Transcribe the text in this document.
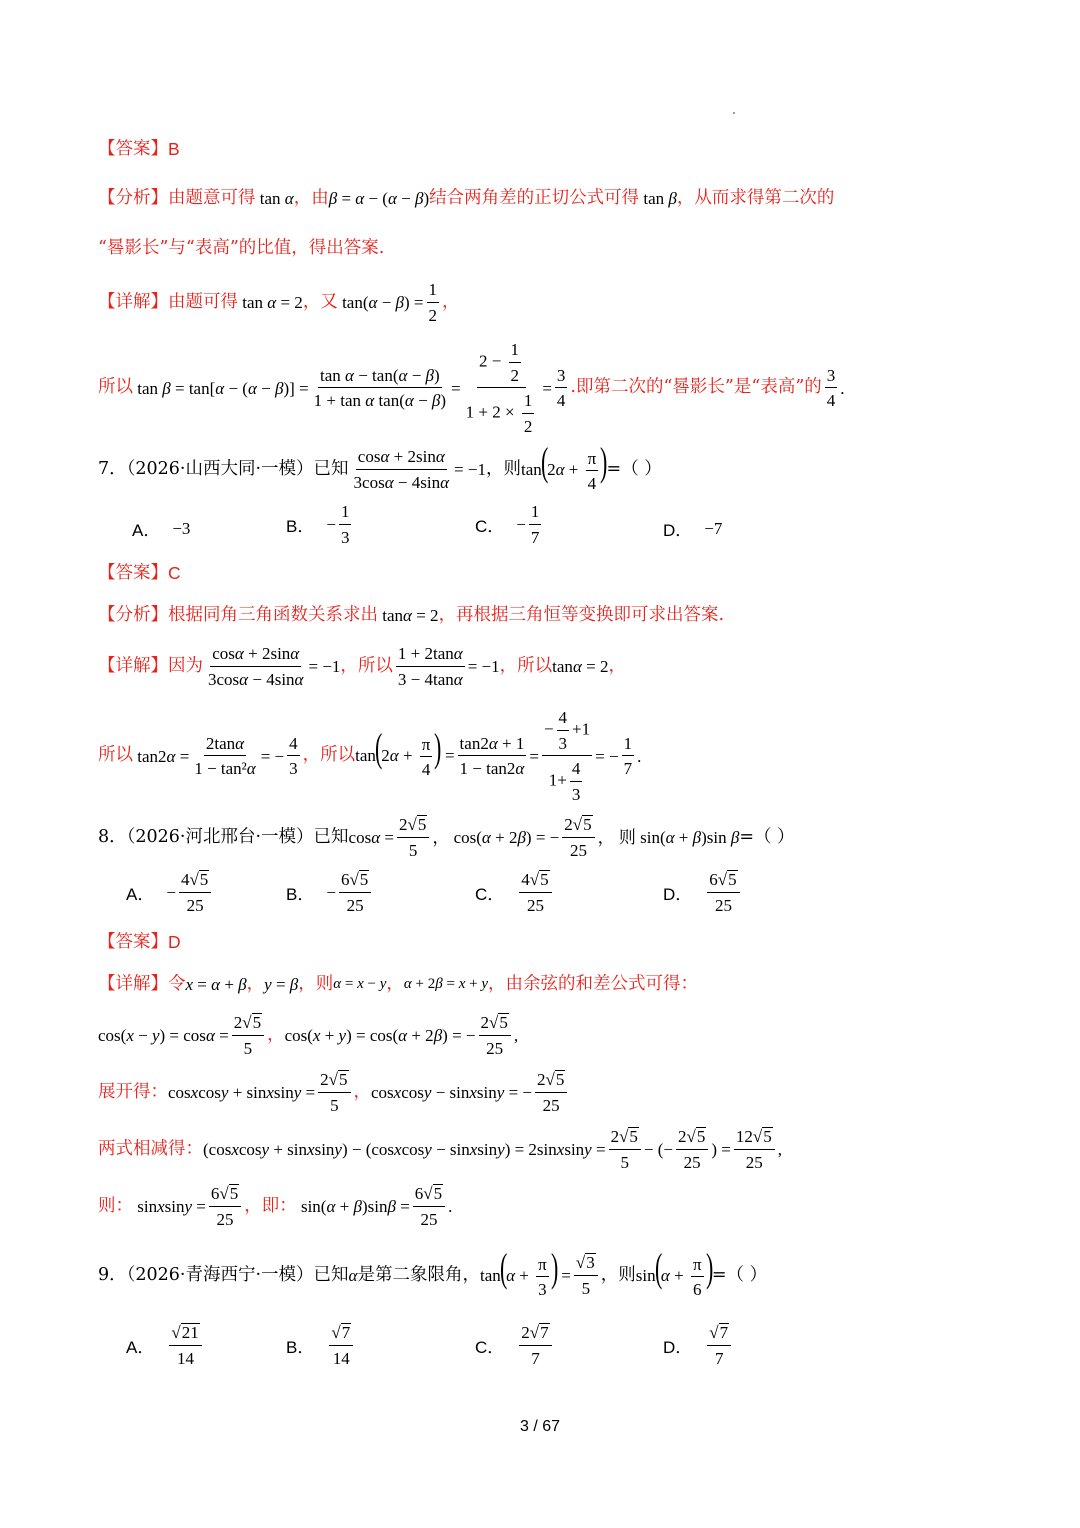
【答案】 B
【分析】 由题意可得 tan α ，由 β = α − (α − β) 结合两角差的正切公式可得 tan β ，从而求得第二次的
“晷影长”与“表高”的比值，得出答案.
【详解】 由题可得 tan α = 2 ，又 $\tan(\alpha - \beta) = \frac{1}{2}$ ，
所以 $\tan \beta = \tan[\alpha - (\alpha - \beta)] = \frac{\text{tan α − tan(α − β)}}{\text{1 + tan α tan(α − β)}} = \frac{2 - \frac{1}{2}}{1 + 2 \times \frac{1}{2}} = \frac{3}{4}$ .即第二次的“晷影长”是“表高”的 $\frac{3}{4}$ .
7．（2026·山西大同·一模）已知 $\frac{\cos\alpha + 2\sin\alpha}{3\cos\alpha - 4\sin\alpha} = -1$ ，则 $\tan(2\alpha + \frac{\pi}{4}$ )
=（ ）
A． −3	B． − $\frac{1}{3}$	C． − $\frac{1}{7}$	D． −7
【答案】 C
【分析】 根据同角三角函数关系求出 tanα = 2 ，再根据三角恒等变换即可求出答案.
【详解】 因为 $\frac{\cos\alpha + 2\sin\alpha}{3\cos\alpha - 4\sin\alpha} = -1$ ，所以 $\frac{1 + 2\tan\alpha}{3 - 4\tan\alpha} = -1$ ，所以 tanα = 2 ，
所以 $\tan 2\alpha = \frac{2\tan\alpha}{\text{1 − tan²α}}$ = − $\frac{4}{3}$ ，所以 $\tan(2\alpha + \frac{\pi}{4}$ ) = $\frac{\tan 2\alpha + 1}{1 - \tan 2\alpha} = \frac{- \frac{4}{3} +1}{1+ \frac{4}{3}}$ = − $\frac{1}{7}$ .
8．（2026·河北邢台·一模）已知 $\cos\alpha = \frac{2√ 5}{5}$ ， cos(α + 2β) = − $\frac{2√ 5}{25}$ ， 则 sin(α + β)sin β =（ ）
A． − $\frac{4√ 5}{25}$	B． − $\frac{6√ 5}{25}$	C． $\frac{4√ 5}{25}$	D． $\frac{6√ 5}{25}$
【答案】 D
【详解】 令 x = α + β ， y = β ，则 α = x − y ， α + 2β = x + y ， 由余弦的和差公式可得：
$\cos(x - y) = \cos\alpha = \frac{2√ 5}{5}$ ， cos(x + y) = cos(α + 2β) = − $\frac{2√ 5}{25}$ ,
展开得： cosxcosy + sinxsiny = $\frac{2√ 5}{5}$ ， cosxcosy − sinxsiny = − $\frac{2√ 5}{25}$
两式相减得： (cosxcosy + sinxsiny) − (cosxcosy − sinxsiny) = 2sinxsiny = $\frac{2√ 5}{5}$ − (− $\frac{2√ 5}{25}$ ) = $\frac{12√ 5}{25}$ ,
则： sinxsiny = $\frac{6√ 5}{25}$ ，即： $\sin(\alpha + \beta)\sin\beta = \frac{6√ 5}{25}$ .
9．（2026·青海西宁·一模）已知 α 是第二象限角， $\tan(\alpha + \frac{\pi}{3}$ ) = $\frac{√ 3}{5}$ ，则 $\sin(\alpha + \frac{\pi}{6}$ )
=（ ）
A． $\frac{√ 21}{14}$	B． $\frac{√ 7}{14}$	C． $\frac{2√ 7}{7}$	D． $\frac{√ 7}{7}$
3 / 67
